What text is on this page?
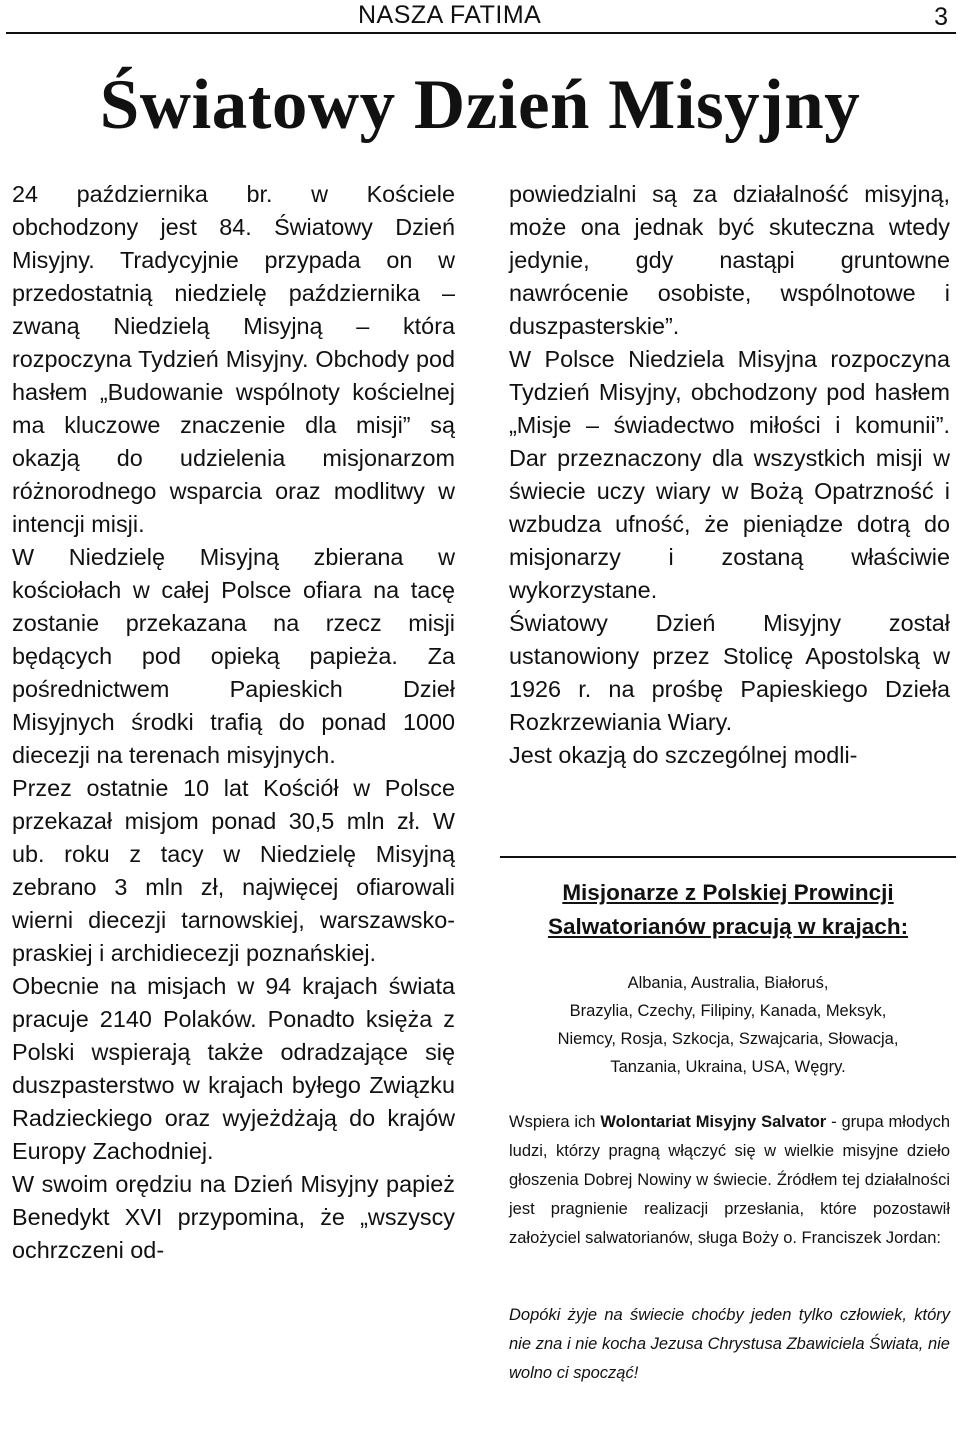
NASZA FATIMA	3
Światowy Dzień Misyjny

24 października br. w Kościele obchodzony jest 84. Światowy Dzień Misyjny. Tradycyjnie przypada on w przedostatnią niedzielę października – zwaną Niedzielą Misyjną – która rozpoczyna Tydzień Misyjny. Obchody pod hasłem „Budowanie wspólnoty kościelnej ma kluczowe znaczenie dla misji” są okazją do udzielenia misjonarzom różnorodnego wsparcia oraz modlitwy w intencji misji.

W Niedzielę Misyjną zbierana w kościołach w całej Polsce ofiara na tacę zostanie przekazana na rzecz misji będących pod opieką papieża. Za pośrednictwem Papieskich Dzieł Misyjnych środki trafią do ponad 1000 diecezji na terenach misyjnych.

Przez ostatnie 10 lat Kościół w Polsce przekazał misjom ponad 30,5 mln zł. W ub. roku z tacy w Niedzielę Misyjną zebrano 3 mln zł, najwięcej ofiarowali wierni diecezji tarnowskiej, warszawsko-praskiej i archidiecezji poznańskiej.

Obecnie na misjach w 94 krajach świata pracuje 2140 Polaków. Ponadto księża z Polski wspierają także odradzające się duszpasterstwo w krajach byłego Związku Radzieckiego oraz wyjeżdżają do krajów Europy Zachodniej.

W swoim orędziu na Dzień Misyjny papież Benedykt XVI przypomina, że „wszyscy ochrzczeni od-

powiedzialni są za działalność misyjną, może ona jednak być skuteczna wtedy jedynie, gdy nastąpi gruntowne nawrócenie osobiste, wspólnotowe i duszpasterskie”.

W Polsce Niedziela Misyjna rozpoczyna Tydzień Misyjny, obchodzony pod hasłem „Misje – świadectwo miłości i komunii”. Dar przeznaczony dla wszystkich misji w świecie uczy wiary w Bożą Opatrzność i wzbudza ufność, że pieniądze dotrą do misjonarzy i zostaną właściwie wykorzystane.

Światowy Dzień Misyjny został ustanowiony przez Stolicę Apostolską w 1926 r. na prośbę Papieskiego Dzieła Rozkrzewiania Wiary.

Jest okazją do szczególnej modli-

Misjonarze z Polskiej Prowincji
Salwatorianów pracują w krajach:
Albania, Australia, Białoruś,
Brazylia, Czechy, Filipiny, Kanada, Meksyk,
Niemcy, Rosja, Szkocja, Szwajcaria, Słowacja,
Tanzania, Ukraina, USA, Węgry.
Wspiera ich Wolontariat Misyjny Salvator - grupa młodych ludzi, którzy pragną włączyć się w wielkie misyjne dzieło głoszenia Dobrej Nowiny w świecie. Źródłem tej działalności jest pragnienie realizacji przesłania, które pozostawił założyciel salwatorianów, sługa Boży o. Franciszek Jordan:
Dopóki żyje na świecie choćby jeden tylko człowiek, który nie zna i nie kocha Jezusa Chrystusa Zbawiciela Świata, nie wolno ci spocząć!
